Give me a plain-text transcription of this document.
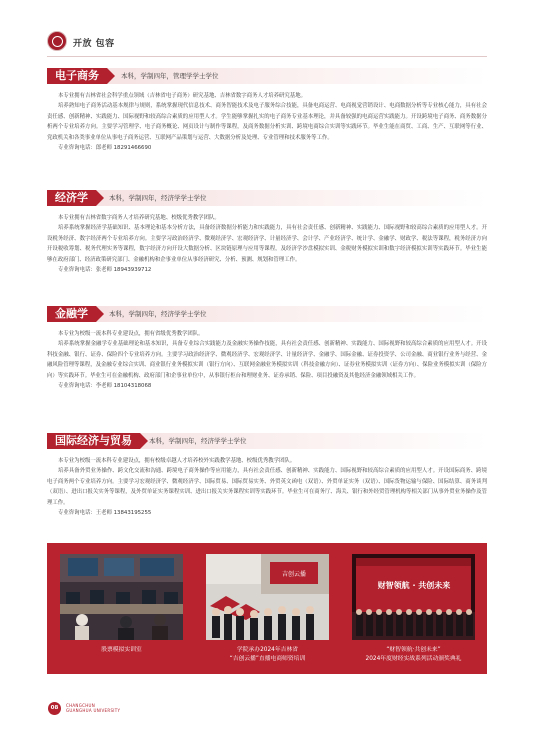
开放 包容
电子商务	本科，学制四年，管理学学士学位

本专业拥有吉林省社会科学重点领域（吉林省电子商务）研究基地、吉林省数字商务人才培养研究基地。

培养熟知电子商务活动基本规律与规则，系统掌握现代信息技术、商务智能技术及电子服务综合技能，具备电商运营、电商视觉营销设计、电商数据分析等专业核心能力，具有社会责任感、创新精神、实践能力、国际视野和较高综合素质的应用型人才。学生能够掌握扎实的电子商务专业基本理论，并具备较强的电商运营实践能力。开设跨境电子商务、商务数据分析两个专业培养方向。主要学习管理学、电子商务概论、网页设计与制作等课程，及商务数据分析实训、跨境电商综合实训等实践环节。毕业生能在商贸、工商、生产、互联网等行业、党政机关和各类事业单位从事电子商务运营、互联网产品策划与运营、大数据分析及处理、专业管理和技术服务等工作。

专业咨询电话：郎老师 18291466690

经济学	本科，学制四年，经济学学士学位

本专业拥有吉林省数字商务人才培养研究基地、校级优秀教学团队。

培养系统掌握经济学基础知识、基本理论和基本分析方法，具备经济数据分析能力和实践能力，具有社会责任感、创新精神、实践能力、国际视野和较高综合素质的应用型人才。开设税务经济、数字经济两个专业培养方向。主要学习政治经济学、微观经济学、宏观经济学、计量经济学、会计学、产业经济学、统计学、金融学、财政学、税法等课程，税务经济方向开设税收筹划、税务代理实务等课程，数字经济方向开设大数据分析、区块链原理与应用等课程，及经济学沙盘模拟实训、金税财务模拟实训和数字经济模拟实训等实践环节。毕业生能够在政府部门、经济政策研究部门、金融机构和企事业单位从事经济研究、分析、预测、规划和管理工作。

专业咨询电话：张老师 18943939712

金融学	本科，学制四年，经济学学士学位

本专业为校级一流本科专业建设点，拥有省级优秀教学团队。

培养系统掌握金融学专业基础理论和基本知识，具备专业综合实践能力及金融实务操作技能，具有社会责任感、创新精神、实践能力、国际视野和较高综合素质的应用型人才。开设科技金融、银行、证券、保险四个专业培养方向。主要学习政治经济学、微观经济学、宏观经济学、计量经济学、金融学、国际金融、证券投资学、公司金融、商业银行业务与经营、金融风险管理等课程，及金融专业综合实训、商业银行业务模拟实训（银行方向）、互联网金融业务模拟实训（科技金融方向）、证券业务模拟实训（证券方向）、保险业务模拟实训（保险方向）等实践环节。毕业生可在金融机构、政府部门和企事业单位中，从事银行柜台和理财业务、证券承销、保险、项目投融资及其他经济金融领域相关工作。

专业咨询电话：李老师 18104318068

国际经济与贸易	本科，学制四年，经济学学士学位

本专业为校级一流本科专业建设点，拥有校级卓越人才培养校外实践教学基地、校级优秀教学团队。

培养具备外贸业务操作、跨文化交流和沟通、跨境电子商务操作等应用能力，具有社会责任感、创新精神、实践能力、国际视野和较高综合素质的应用型人才。开设国际商务、跨境电子商务两个专业培养方向。主要学习宏观经济学、微观经济学、国际贸易、国际贸易实务、外贸英文函电（双语）、外贸单证实务（双语）、国际货物运输与保险、国际结算、商务谈判（双语）、进出口报关实务等课程，及外贸单证实务课程实训、进出口报关实务课程实训等实践环节。毕业生可在商务厅、海关、银行和外经贸管理机构等相关部门从事外贸业务操作及管理工作。

专业咨询电话：王老师 13843195255

股票模拟实训室
吉创云播
学院承办2024年吉林省
“吉创云播”直播电商师资培训
财智领航 · 共创未来
“财智领航·共创未来”
2024年度财经实战系列活动颁奖典礼
08	CHANGCHUN
GUANGHUA UNIVERSITY
